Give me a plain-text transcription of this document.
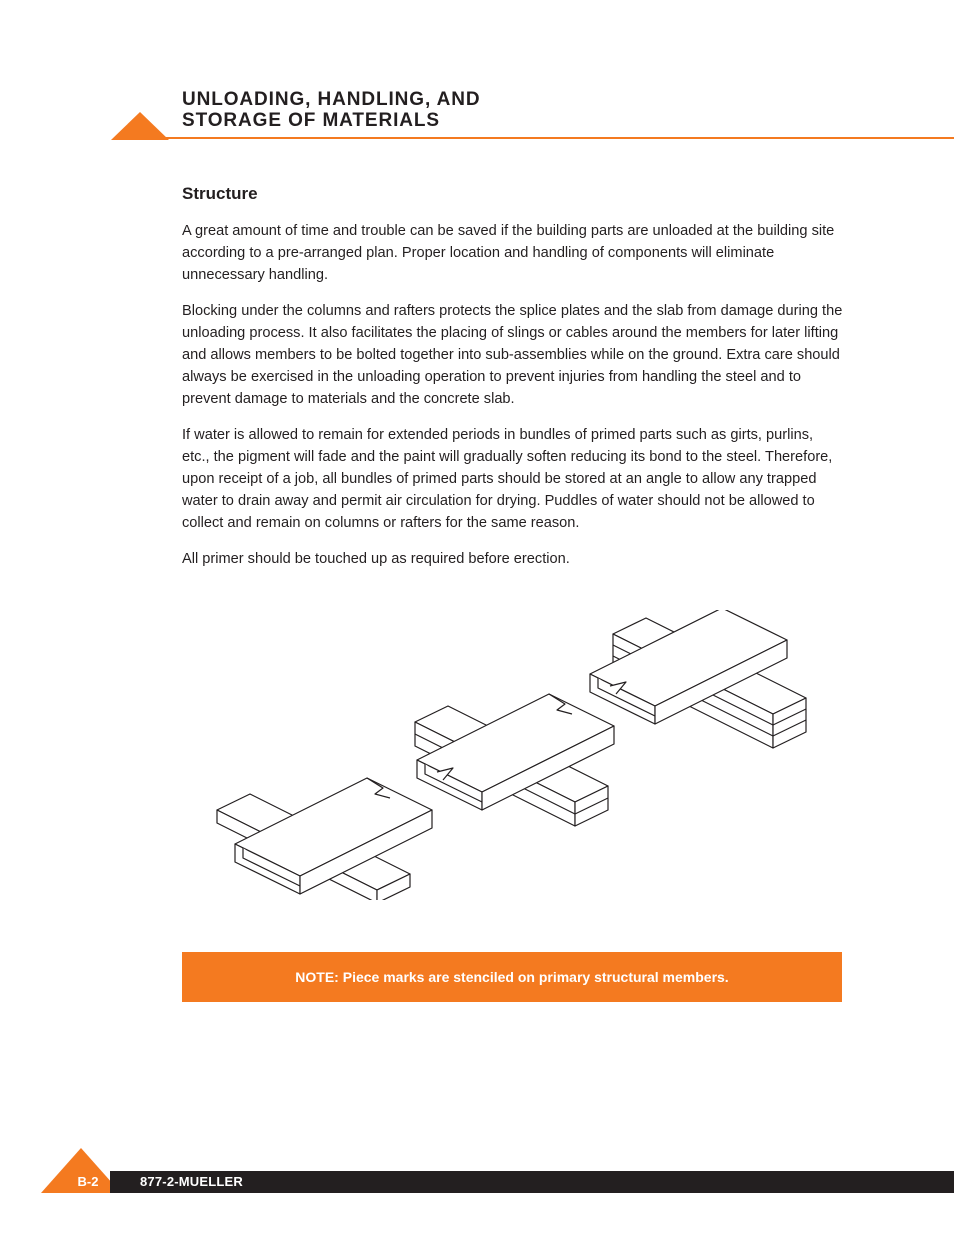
UNLOADING, HANDLING, AND
STORAGE OF MATERIALS
Structure

A great amount of time and trouble can be saved if the building parts are unloaded at the building site according to a pre-arranged plan. Proper location and handling of components will eliminate unnecessary handling.

Blocking under the columns and rafters protects the splice plates and the slab from damage during the unloading process. It also facilitates the placing of slings or cables around the members for later lifting and allows members to be bolted together into sub-assemblies while on the ground. Extra care should always be exercised in the unloading operation to prevent injuries from handling the steel and to prevent damage to materials and the concrete slab.

If water is allowed to remain for extended periods in bundles of primed parts such as girts, purlins, etc., the pigment will fade and the paint will gradually soften reducing its bond to the steel. Therefore, upon receipt of a job, all bundles of primed parts should be stored at an angle to allow any trapped water to drain away and permit air circulation for drying. Puddles of water should not be allowed to collect and remain on columns or rafters for the same reason.

All primer should be touched up as required before erection.

NOTE: Piece marks are stenciled on primary structural members.
B-2	877-2-MUELLER
